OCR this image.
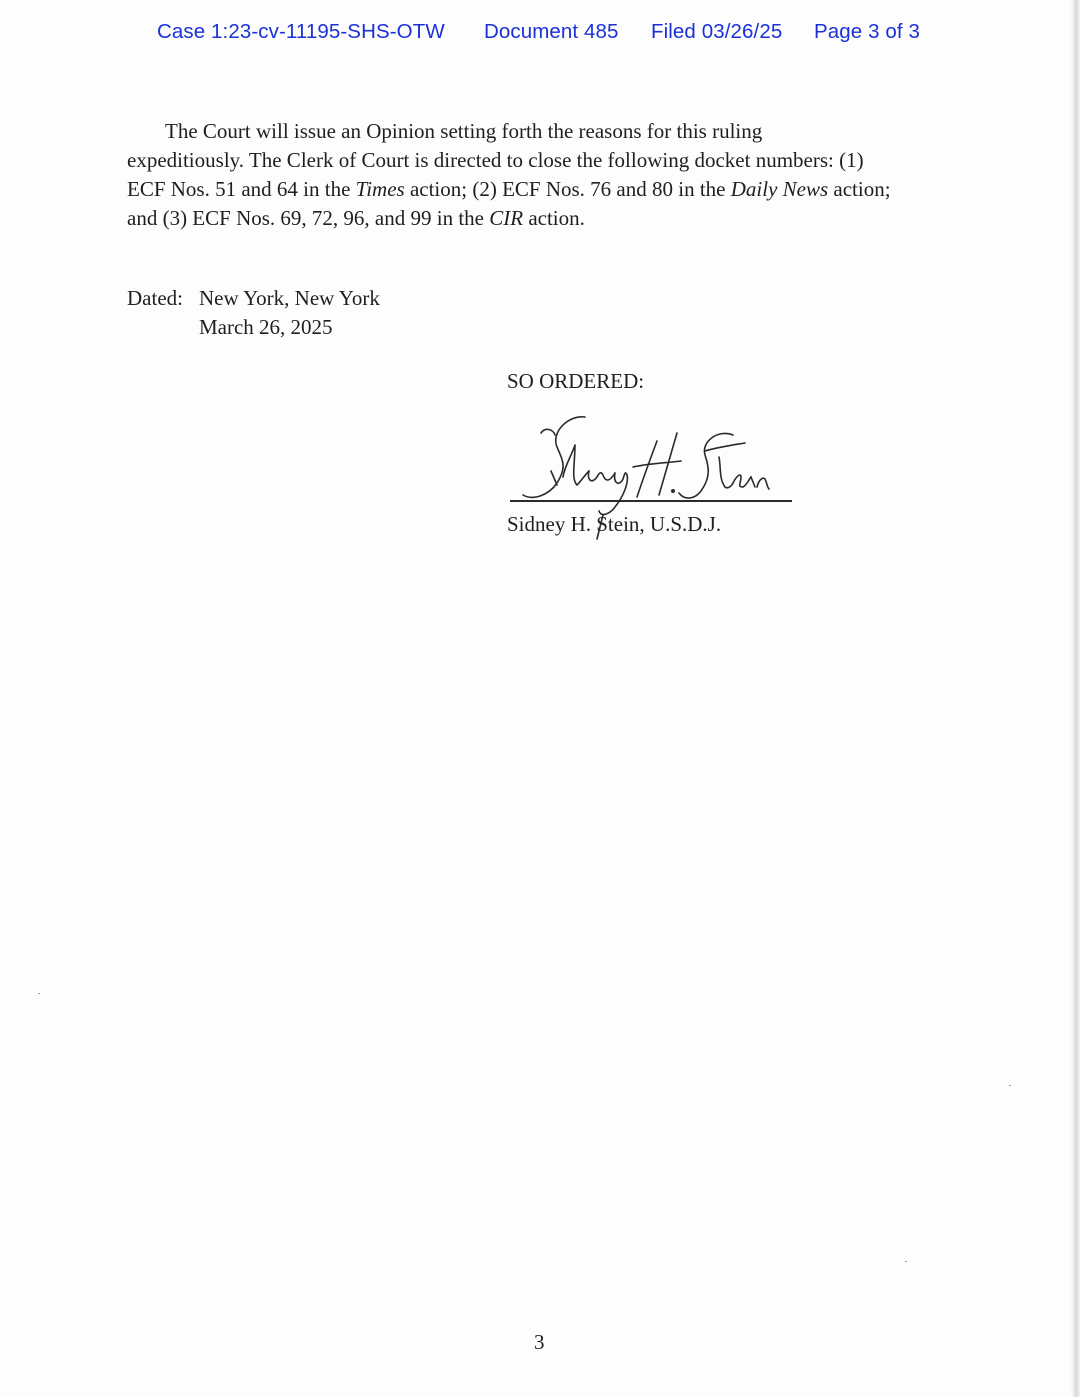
Case 1:23-cv-11195-SHS-OTW Document 485 Filed 03/26/25 Page 3 of 3
The Court will issue an Opinion setting forth the reasons for this ruling
expeditiously. The Clerk of Court is directed to close the following docket numbers: (1)
ECF Nos. 51 and 64 in the Times action; (2) ECF Nos. 76 and 80 in the Daily News action;
and (3) ECF Nos. 69, 72, 96, and 99 in the CIR action.
Dated: New York, New York
March 26, 2025
SO ORDERED:
Sidney H. Stein, U.S.D.J.
3
